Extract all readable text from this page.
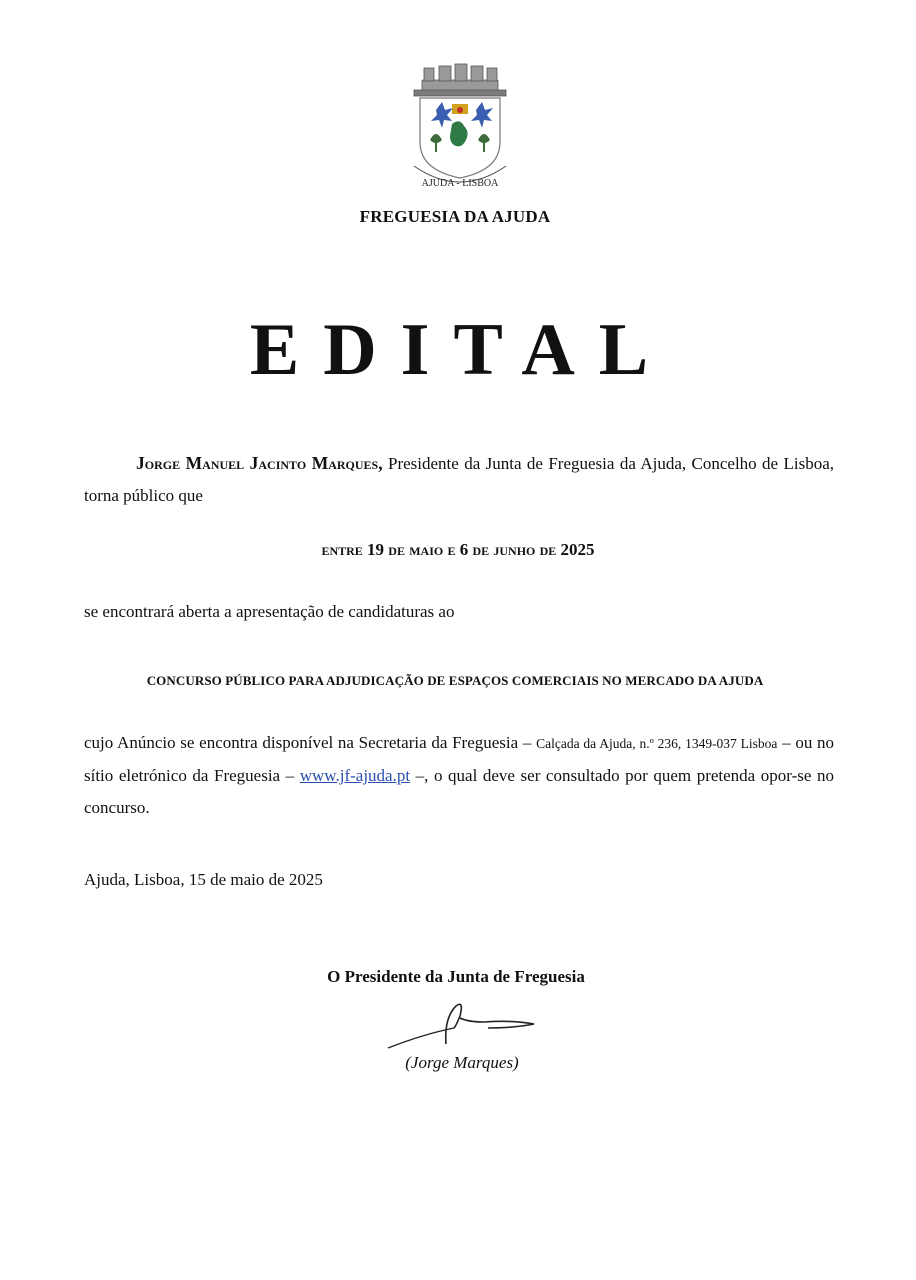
AJUDA - LISBOA
FREGUESIA DA AJUDA
EDITAL
Jorge Manuel Jacinto Marques, Presidente da Junta de Freguesia da Ajuda, Concelho de Lisboa, torna público que
entre 19 de maio e 6 de junho de 2025
se encontrará aberta a apresentação de candidaturas ao
CONCURSO PÚBLICO PARA ADJUDICAÇÃO DE ESPAÇOS COMERCIAIS NO MERCADO DA AJUDA
cujo Anúncio se encontra disponível na Secretaria da Freguesia – Calçada da Ajuda, n.º 236, 1349-037 Lisboa – ou no sítio eletrónico da Freguesia – www.jf-ajuda.pt –, o qual deve ser consultado por quem pretenda opor-se no concurso.
Ajuda, Lisboa, 15 de maio de 2025
O Presidente da Junta de Freguesia
(Jorge Marques)
